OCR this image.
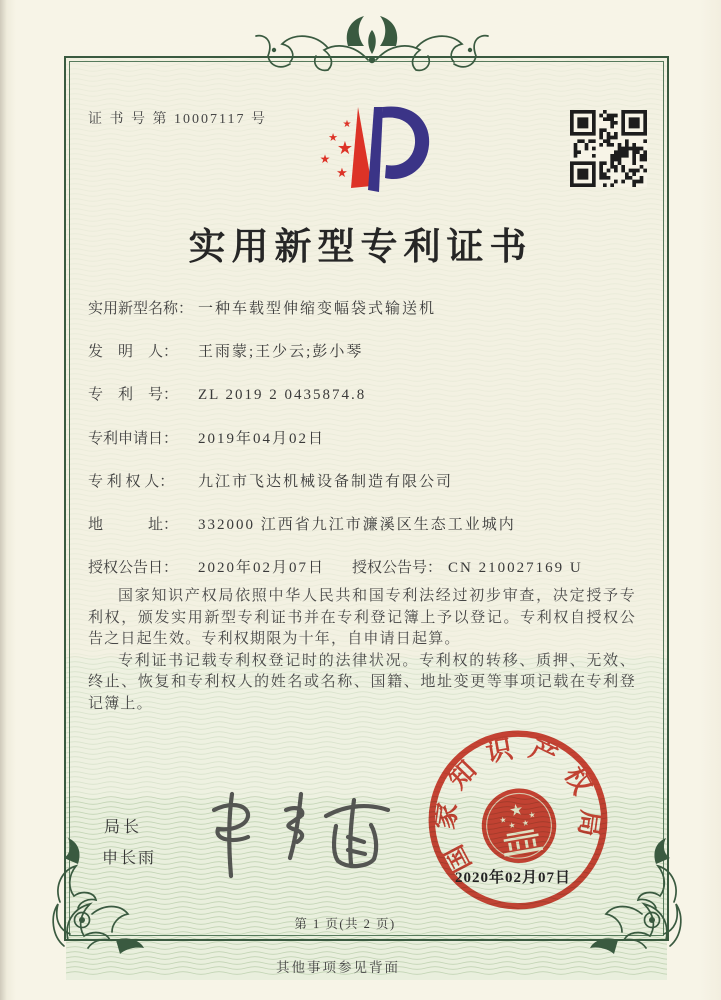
证 书 号 第 10007117 号	★
★
★
★
★
实用新型专利证书
实用新型名称： 一种车载型伸缩变幅袋式输送机
发　明　人： 王雨蒙;王少云;彭小琴
专　利　号： ZL 2019 2 0435874.8
专利申请日： 2019年04月02日
专 利 权 人： 九江市飞达机械设备制造有限公司
地　　　址： 332000 江西省九江市濂溪区生态工业城内
授权公告日： 2020年02月07日 授权公告号： CN 210027169 U

国家知识产权局依照中华人民共和国专利法经过初步审查，决定授予专利权，颁发实用新型专利证书并在专利登记簿上予以登记。专利权自授权公告之日起生效。专利权期限为十年，自申请日起算。

专利证书记载专利权登记时的法律状况。专利权的转移、质押、无效、终止、恢复和专利权人的姓名或名称、国籍、地址变更等事项记载在专利登记簿上。

局长
申长雨	国家知识产权局
★
★
★ ★
★
2020年02月07日
第 1 页(共 2 页)
其他事项参见背面
